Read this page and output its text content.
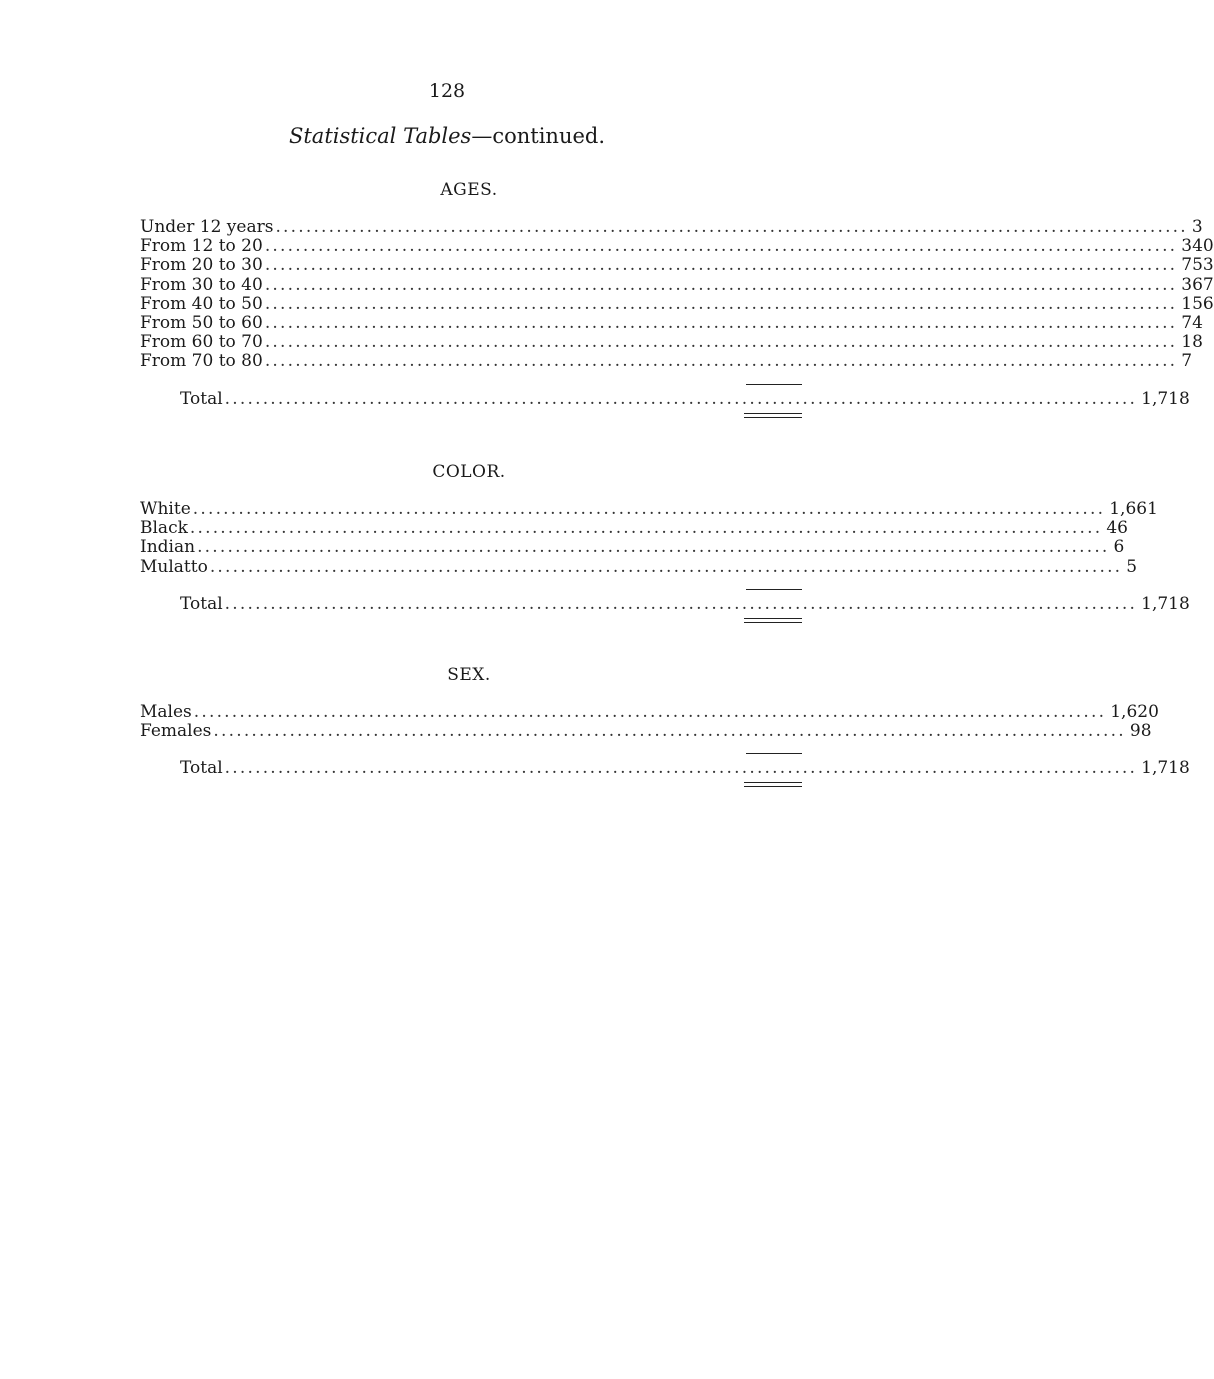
128
Statistical Tables—continued.
AGES.
Under 12 years ........................................................................................................................ 3
From 12 to 20 ........................................................................................................................ 340
From 20 to 30 ........................................................................................................................ 753
From 30 to 40 ........................................................................................................................ 367
From 40 to 50 ........................................................................................................................ 156
From 50 to 60 ........................................................................................................................ 74
From 60 to 70 ........................................................................................................................ 18
From 70 to 80 ........................................................................................................................ 7
Total ........................................................................................................................ 1,718
COLOR.
White ........................................................................................................................ 1,661
Black ........................................................................................................................ 46
Indian ........................................................................................................................ 6
Mulatto ........................................................................................................................ 5
Total ........................................................................................................................ 1,718
SEX.
Males ........................................................................................................................ 1,620
Females ........................................................................................................................ 98
Total ........................................................................................................................ 1,718
